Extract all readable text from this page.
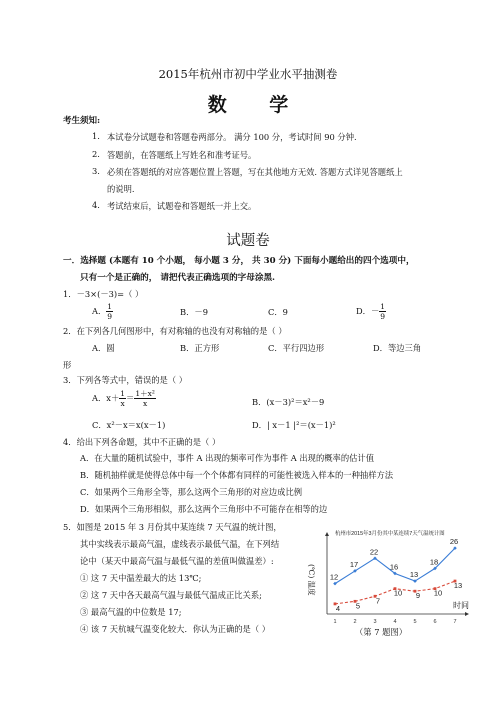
2015年杭州市初中学业水平抽测卷
数 学
考生须知:
1. 本试卷分试题卷和答题卷两部分。 满分 100 分，考试时间 90 分钟.
2. 答题前，在答题纸上写姓名和准考证号。
3. 必须在答题纸的对应答题位置上答题，写在其他地方无效. 答题方式详见答题纸上
的说明.
4. 考试结束后，试题卷和答题纸一并上交。
试题卷
一．选择题 (本题有 10 个小题， 每小题 3 分， 共 30 分) 下面每小题给出的四个选项中，
只有一个是正确的， 请把代表正确选项的字母涂黑.
1．－3×(－3)=（ ）
A． $\frac{1}{9}$	B．－9	C．9	D．－ $\frac{1}{9}$
2．在下列各几何图形中，有对称轴的也没有对称轴的是（ ）
A．圆	B．正方形	C．平行四边形	D．等边三角
形
3．下列各等式中，错误的是（ ）
A．$x+ \frac{1}{x} = \frac{\text{1＋x²}}{x}$	B．(x－3)²＝x²－9
C．x²－x＝x(x－1)	D．| x－1 |²＝(x－1)²
4．给出下列各命题，其中不正确的是（ ）
A．在大量的随机试验中，事件 A 出现的频率可作为事件 A 出现的概率的估计值
B．随机抽样就是使得总体中每一个个体都有同样的可能性被选入样本的一种抽样方法
C．如果两个三角形全等，那么这两个三角形的对应边成比例
D．如果两个三角形相似，那么这两个三角形中不可能存在相等的边
5．如图是 2015 年 3 月份其中某连续 7 天气温的统计图，
其中实线表示最高气温，虚线表示最低气温，在下列结
论中（某天中最高气温与最低气温的差值叫做温差）:
① 这 7 天中温差最大的达 13℃;
② 这 7 天中各天最高气温与最低气温成正比关系;
③ 最高气温的中位数是 17;
④ 该 7 天杭城气温变化较大．你认为正确的是（ ）
杭州市2015年3月份其中某连续7天气温统计图
(℃) 温度
时间
1	2	3	4	5	6	7
12
17
22
16
13
18
26
4 5
7
10 9 10
13
（第 7 题图）
